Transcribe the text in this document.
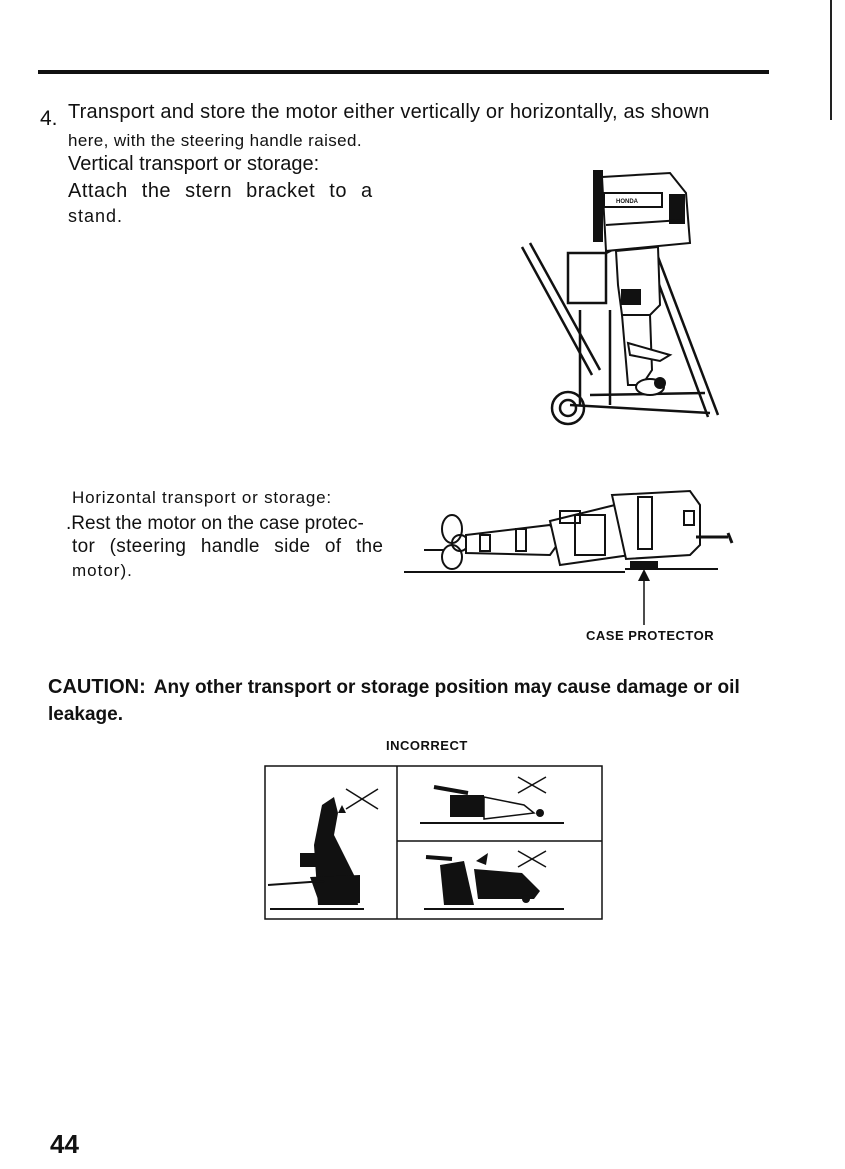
4. Transport and store the motor either vertically or horizontally, as shown
here, with the steering handle raised.
Vertical transport or storage:
Attach the stern bracket to a
stand.
HONDA
Horizontal transport or storage:
.Rest the motor on the case protec-
tor (steering handle side of the
motor).
CASE PROTECTOR
CAUTION: Any other transport or storage position may cause damage or oil leakage.
INCORRECT
44
